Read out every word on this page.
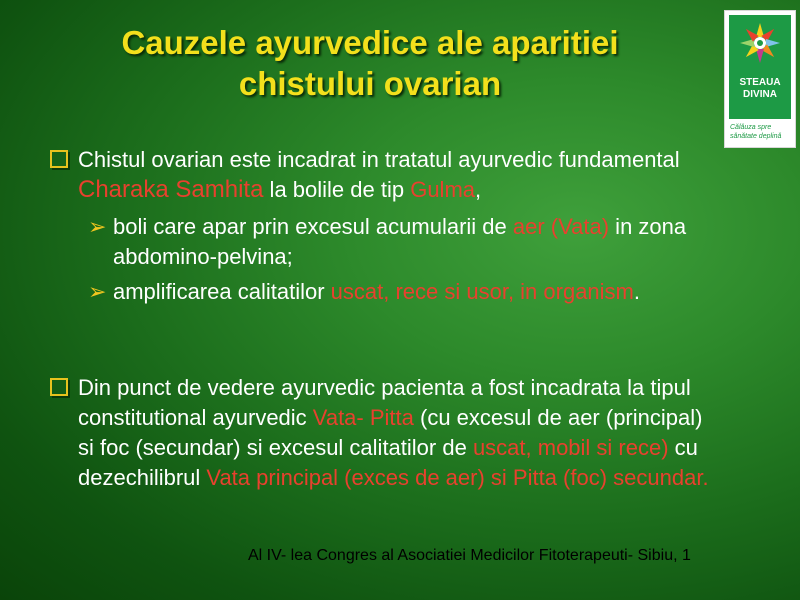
Cauzele ayurvedice ale aparitiei
chistului ovarian	STEAUA
DIVINA
Călăuza spre
sănătate deplină
Chistul ovarian este incadrat in tratatul ayurvedic fundamental Charaka Samhita la bolile de tip Gulma,
➢ boli care apar prin excesul acumularii de aer (Vata) in zona abdomino-pelvina;
➢ amplificarea calitatilor uscat, rece si usor, in organism.
Din punct de vedere ayurvedic pacienta a fost incadrata la tipul constitutional ayurvedic Vata- Pitta (cu excesul de aer (principal) si foc (secundar) si excesul calitatilor de uscat, mobil si rece) cu dezechilibrul Vata principal (exces de aer) si Pitta (foc) secundar.
Al IV- lea Congres al Asociatiei Medicilor Fitoterapeuti- Sibiu, 1
